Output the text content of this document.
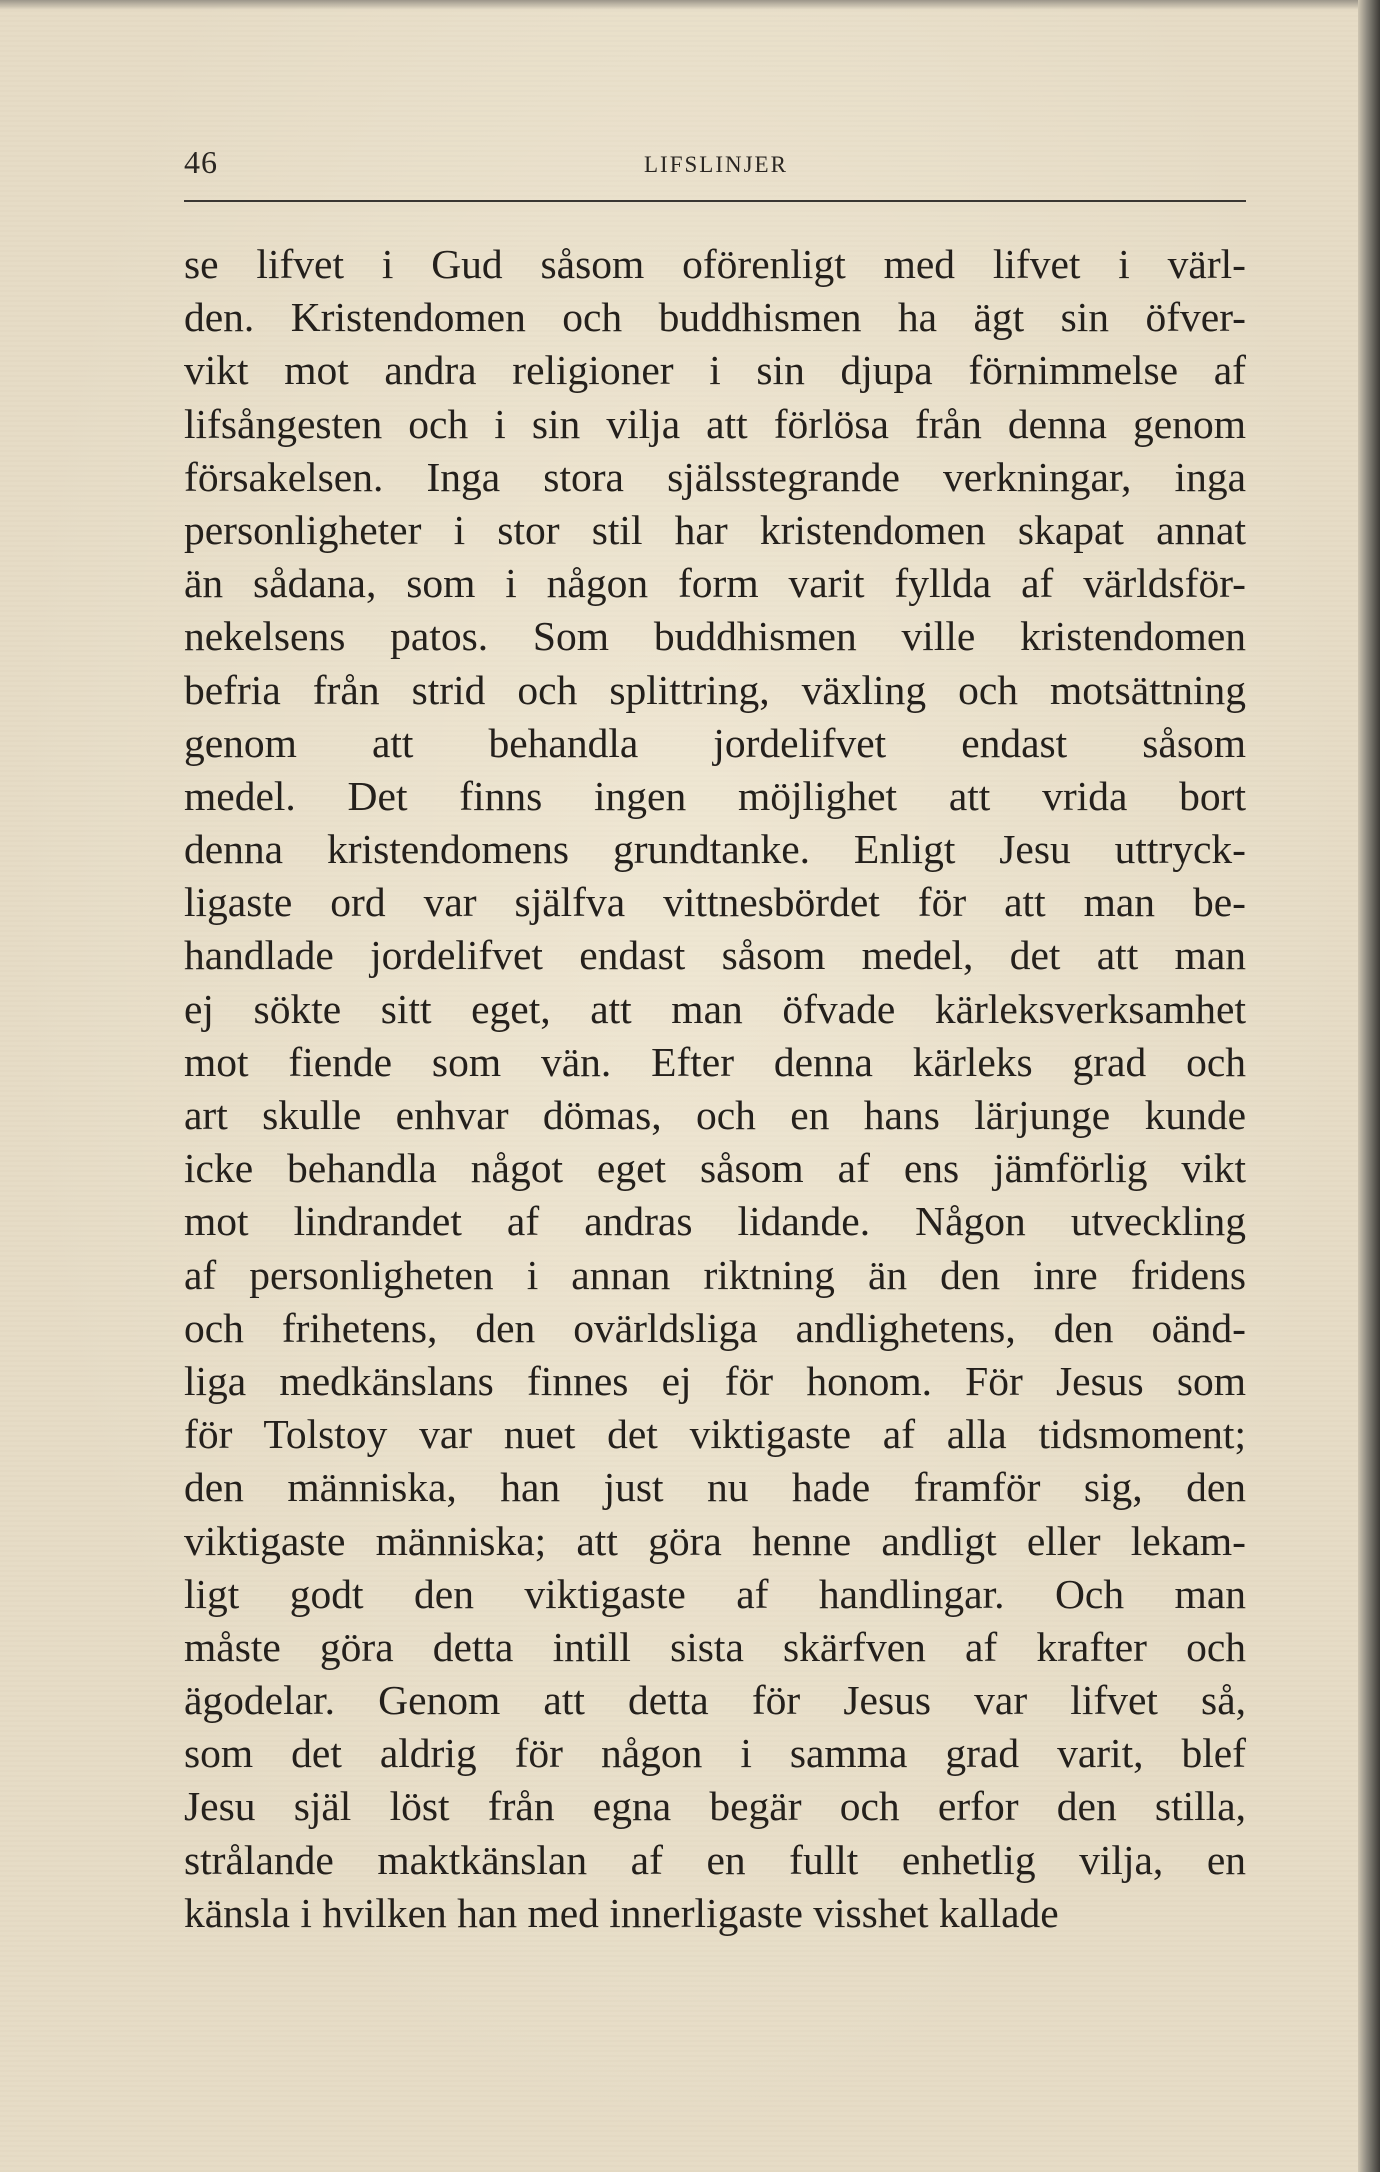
46	LIFSLINJER
se lifvet i Gud såsom oförenligt med lifvet i värl-
den. Kristendomen och buddhismen ha ägt sin öfver-
vikt mot andra religioner i sin djupa förnimmelse af
lifsångesten och i sin vilja att förlösa från denna genom
försakelsen. Inga stora själsstegrande verkningar, inga
personligheter i stor stil har kristendomen skapat annat
än sådana, som i någon form varit fyllda af världsför-
nekelsens patos. Som buddhismen ville kristendomen
befria från strid och splittring, växling och motsättning
genom att behandla jordelifvet endast såsom
medel. Det finns ingen möjlighet att vrida bort
denna kristendomens grundtanke. Enligt Jesu uttryck-
ligaste ord var själfva vittnesbördet för att man be-
handlade jordelifvet endast såsom medel, det att man
ej sökte sitt eget, att man öfvade kärleksverksamhet
mot fiende som vän. Efter denna kärleks grad och
art skulle enhvar dömas, och en hans lärjunge kunde
icke behandla något eget såsom af ens jämförlig vikt
mot lindrandet af andras lidande. Någon utveckling
af personligheten i annan riktning än den inre fridens
och frihetens, den ovärldsliga andlighetens, den oänd-
liga medkänslans finnes ej för honom. För Jesus som
för Tolstoy var nuet det viktigaste af alla tidsmoment;
den människa, han just nu hade framför sig, den
viktigaste människa; att göra henne andligt eller lekam-
ligt godt den viktigaste af handlingar. Och man
måste göra detta intill sista skärfven af krafter och
ägodelar. Genom att detta för Jesus var lifvet så,
som det aldrig för någon i samma grad varit, blef
Jesu själ löst från egna begär och erfor den stilla,
strålande maktkänslan af en fullt enhetlig vilja, en
känsla i hvilken han med innerligaste visshet kallade
